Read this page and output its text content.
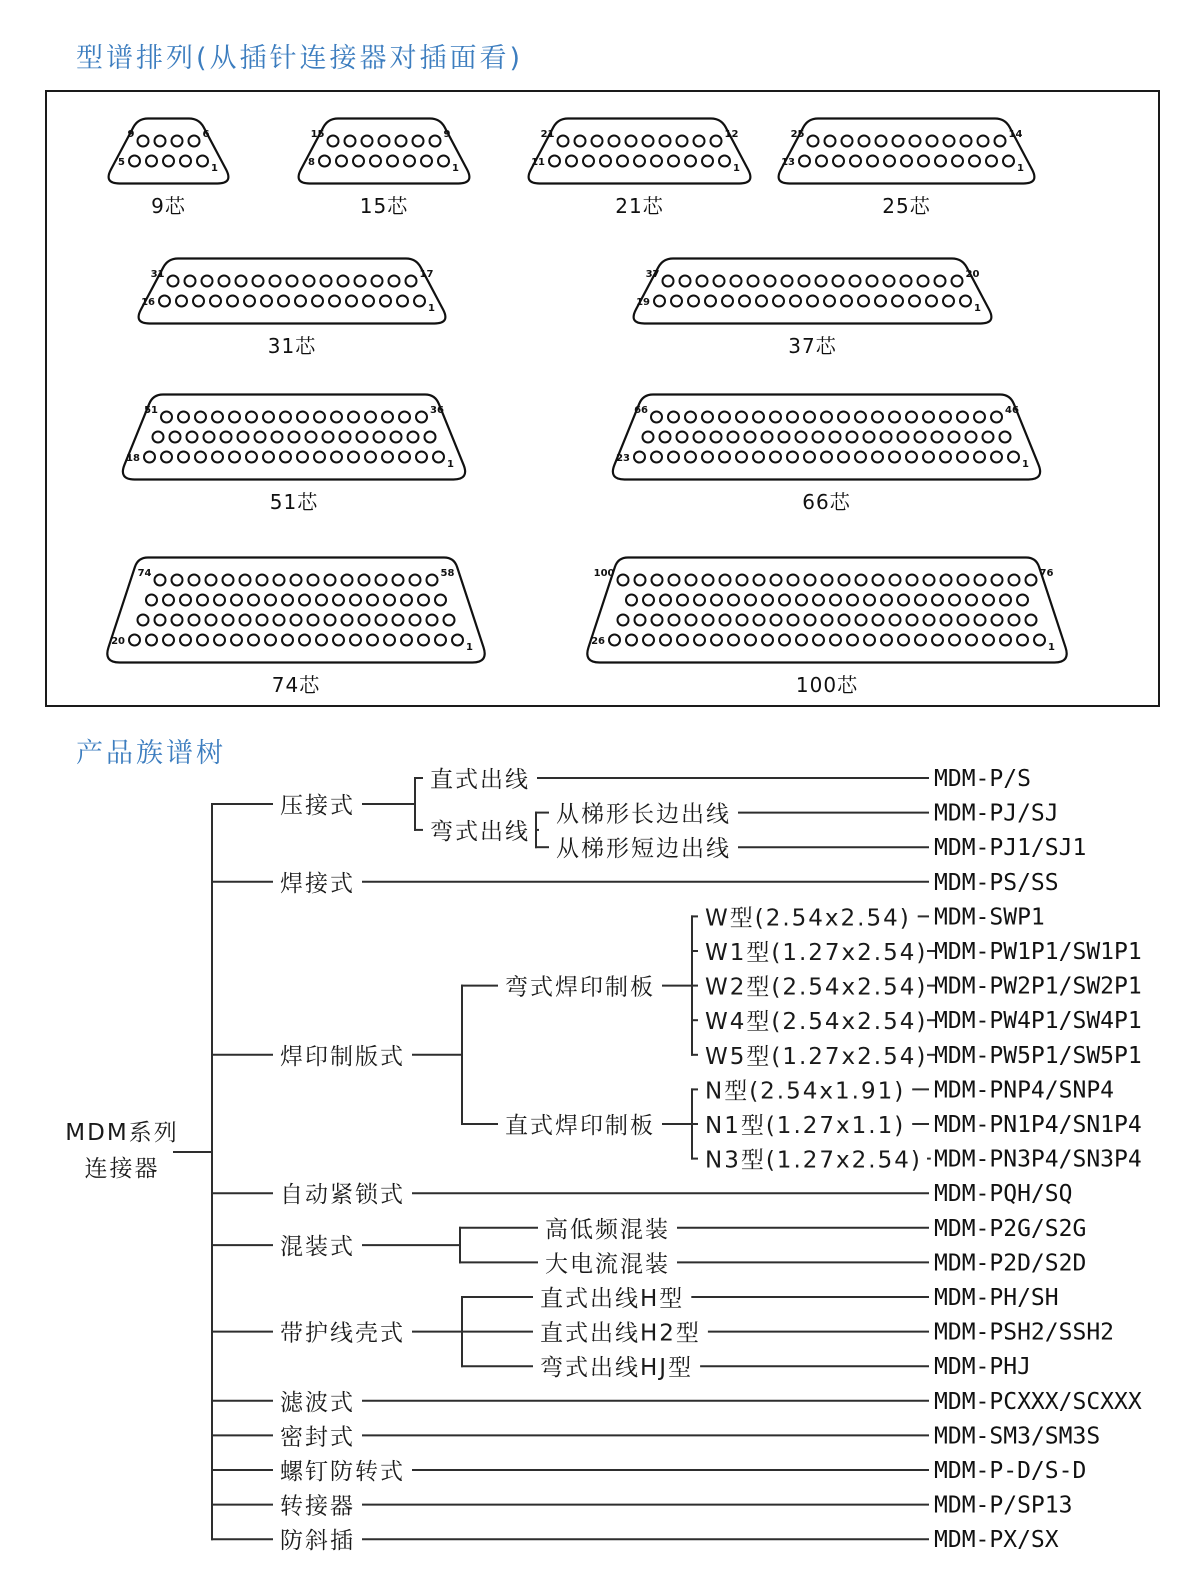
型谱排列(从插针连接器对插面看)
9	6
5
1
9芯
15	9
8
1
15芯
21	12
11
1
21芯
25	14
13
1
25芯
31	17
16
1
31芯
37	20
19
1
37芯
51	36
18
1
51芯
66	46
23
1
66芯
74	58
20
1
74芯
100	76
26
1
100芯
产品族谱树
压接式
直式出线	MDM-P/S
弯式出线
从梯形长边出线	MDM-PJ/SJ
从梯形短边出线	MDM-PJ1/SJ1
焊接式	MDM-PS/SS
焊印制版式
弯式焊印制板
W型(2.54x2.54) MDM-SWP1
W1型(1.27x2.54) MDM-PW1P1/SW1P1
W2型(2.54x2.54) MDM-PW2P1/SW2P1
W4型(2.54x2.54) MDM-PW4P1/SW4P1
W5型(1.27x2.54) MDM-PW5P1/SW5P1
直式焊印制板
N型(2.54x1.91) MDM-PNP4/SNP4
N1型(1.27x1.1) MDM-PN1P4/SN1P4
N3型(1.27x2.54) MDM-PN3P4/SN3P4
自动紧锁式	MDM-PQH/SQ
混装式
高低频混装	MDM-P2G/S2G
大电流混装	MDM-P2D/S2D
带护线壳式
直式出线H型	MDM-PH/SH
直式出线H2型	MDM-PSH2/SSH2
弯式出线HJ型	MDM-PHJ
滤波式	MDM-PCXXX/SCXXX
密封式	MDM-SM3/SM3S
螺钉防转式	MDM-P-D/S-D
转接器	MDM-P/SP13
防斜插	MDM-PX/SX
MDM系列
连接器
